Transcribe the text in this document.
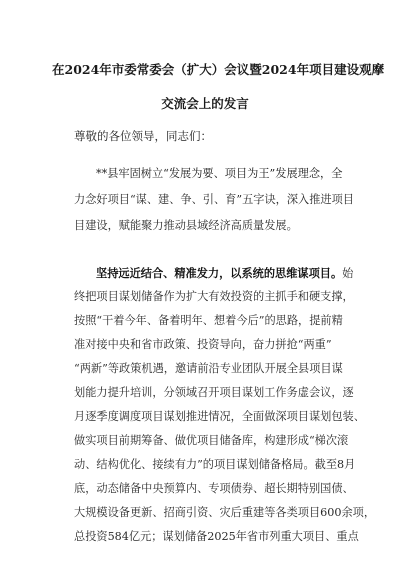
在2024年市委常委会（扩大）会议暨2024年项目建设观摩
交流会上的发言
尊敬的各位领导，同志们：
**县牢固树立“发展为要、项目为王”发展理念，全
力念好项目“谋、建、争、引、育”五字诀，深入推进项目
目建设，赋能聚力推动县域经济高质量发展。
坚持远近结合、精准发力，以系统的思维谋项目。始
终把项目谋划储备作为扩大有效投资的主抓手和硬支撑，
按照“干着今年、备着明年、想着今后”的思路，提前精
准对接中央和省市政策、投资导向，奋力拼抢“两重”
“两新”等政策机遇，邀请前沿专业团队开展全县项目谋
划能力提升培训，分领域召开项目谋划工作务虚会议，逐
月逐季度调度项目谋划推进情况，全面做深项目谋划包装、
做实项目前期筹备、做优项目储备库，构建形成“梯次滚
动、结构优化、接续有力”的项目谋划储备格局。截至8月
底，动态储备中央预算内、专项债券、超长期特别国债、
大规模设备更新、招商引资、灾后重建等各类项目600余项，
总投资584亿元；谋划储备2025年省市列重大项目、重点
